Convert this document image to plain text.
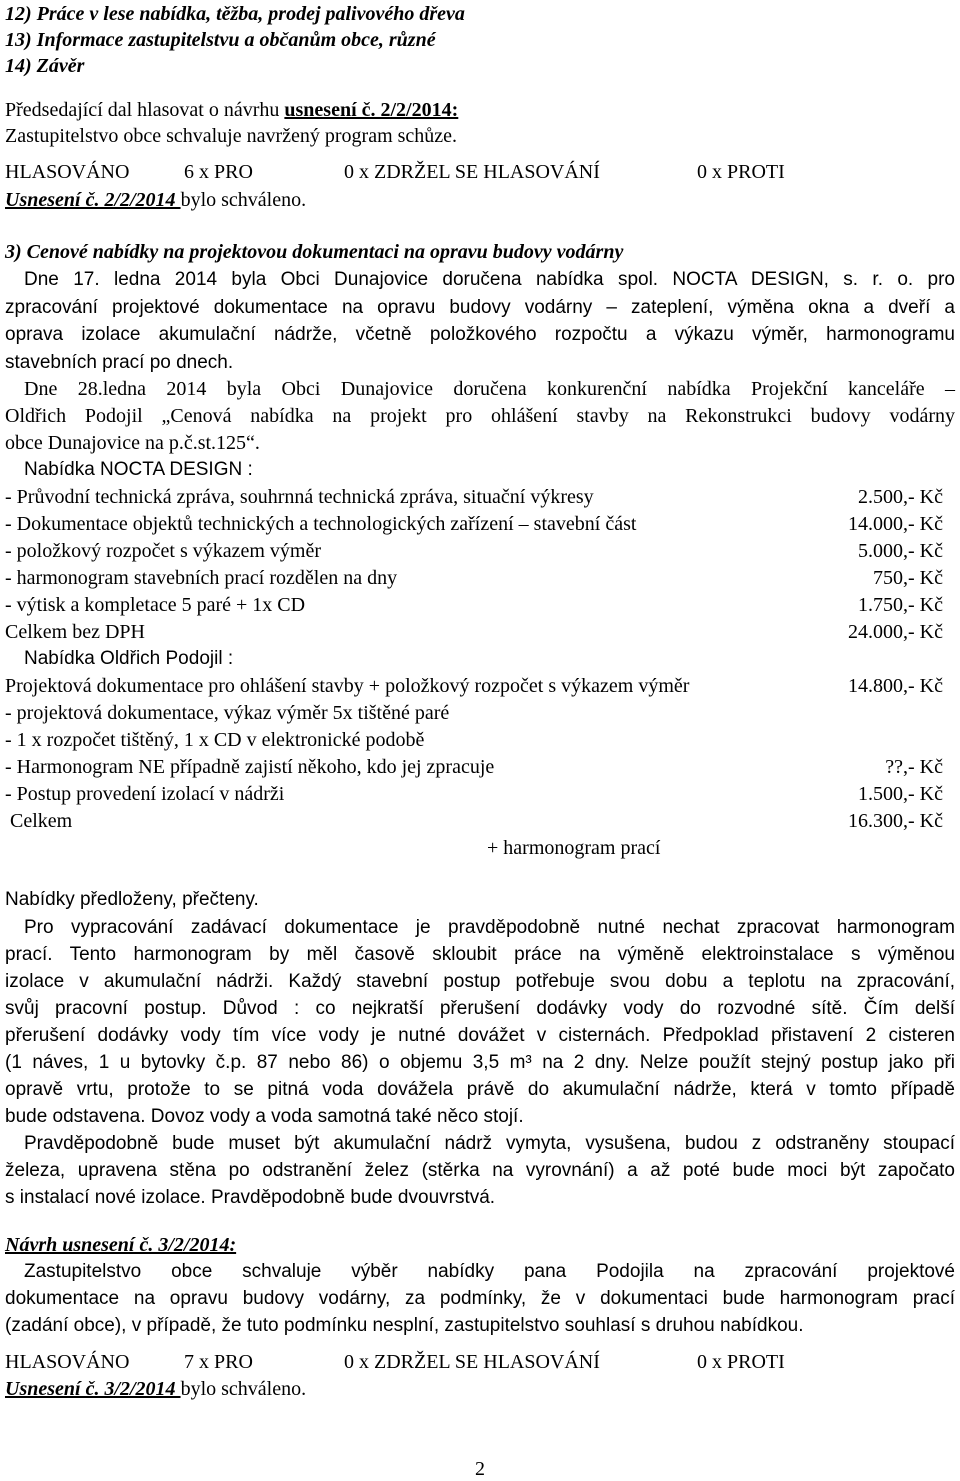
12) Práce v lese nabídka, těžba, prodej palivového dřeva
13) Informace zastupitelstvu a občanům obce, různé
14) Závěr
Předsedající dal hlasovat o návrhu usnesení č. 2/2/2014:
Zastupitelstvo obce schvaluje navržený program schůze.
HLASOVÁNO	6 x PRO	0 x ZDRŽEL SE HLASOVÁNÍ	0 x PROTI
Usnesení č. 2/2/2014 bylo schváleno.
3) Cenové nabídky na projektovou dokumentaci na opravu budovy vodárny
Dne 17. ledna 2014 byla Obci Dunajovice doručena nabídka spol. NOCTA DESIGN, s. r. o. pro
zpracování projektové dokumentace na opravu budovy vodárny – zateplení, výměna okna a dveří a
oprava izolace akumulační nádrže, včetně položkového rozpočtu a výkazu výměr, harmonogramu
stavebních prací po dnech.
Dne 28.ledna 2014 byla Obci Dunajovice doručena konkurenční nabídka Projekční kanceláře –
Oldřich Podojil „Cenová nabídka na projekt pro ohlášení stavby na Rekonstrukci budovy vodárny
obce Dunajovice na p.č.st.125“.
Nabídka NOCTA DESIGN :
- Průvodní technická zpráva, souhrnná technická zpráva, situační výkresy	2.500,- Kč
- Dokumentace objektů technických a technologických zařízení – stavební část	14.000,- Kč
- položkový rozpočet s výkazem výměr	5.000,- Kč
- harmonogram stavebních prací rozdělen na dny	750,- Kč
- výtisk a kompletace 5 paré + 1x CD	1.750,- Kč
Celkem bez DPH	24.000,- Kč
Nabídka Oldřich Podojil :
Projektová dokumentace pro ohlášení stavby + položkový rozpočet s výkazem výměr	14.800,- Kč
- projektová dokumentace, výkaz výměr 5x tištěné paré
- 1 x rozpočet tištěný, 1 x CD v elektronické podobě
- Harmonogram NE případně zajistí někoho, kdo jej zpracuje	??,- Kč
- Postup provedení izolací v nádrži	1.500,- Kč
Celkem	16.300,- Kč
+ harmonogram prací
Nabídky předloženy, přečteny.
Pro vypracování zadávací dokumentace je pravděpodobně nutné nechat zpracovat harmonogram
prací. Tento harmonogram by měl časově skloubit práce na výměně elektroinstalace s výměnou
izolace v akumulační nádrži. Každý stavební postup potřebuje svou dobu a teplotu na zpracování,
svůj pracovní postup. Důvod : co nejkratší přerušení dodávky vody do rozvodné sítě. Čím delší
přerušení dodávky vody tím více vody je nutné dovážet v cisternách. Předpoklad přistavení 2 cisteren
(1 náves, 1 u bytovky č.p. 87 nebo 86) o objemu 3,5 m³ na 2 dny. Nelze použít stejný postup jako při
opravě vrtu, protože to se pitná voda dovážela právě do akumulační nádrže, která v tomto případě
bude odstavena. Dovoz vody a voda samotná také něco stojí.
Pravděpodobně bude muset být akumulační nádrž vymyta, vysušena, budou z odstraněny stoupací
železa, upravena stěna po odstranění želez (stěrka na vyrovnání) a až poté bude moci být započato
s instalací nové izolace. Pravděpodobně bude dvouvrstvá.
Návrh usnesení č. 3/2/2014:
Zastupitelstvo obce schvaluje výběr nabídky pana Podojila na zpracování projektové
dokumentace na opravu budovy vodárny, za podmínky, že v dokumentaci bude harmonogram prací
(zadání obce), v případě, že tuto podmínku nesplní, zastupitelstvo souhlasí s druhou nabídkou.
HLASOVÁNO	7 x PRO	0 x ZDRŽEL SE HLASOVÁNÍ	0 x PROTI
Usnesení č. 3/2/2014 bylo schváleno.
2
